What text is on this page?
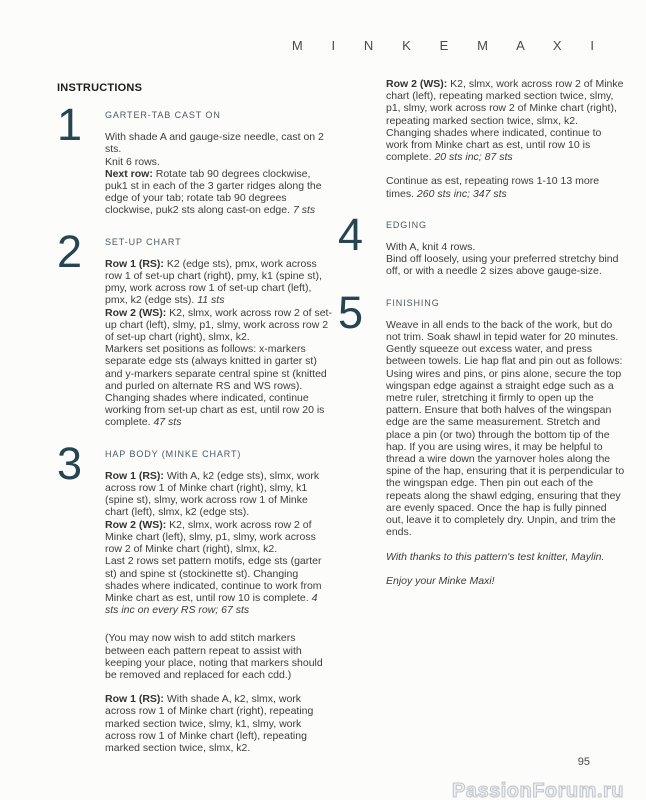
M I N K E M A X I
INSTRUCTIONS
1	GARTER-TAB CAST ON

With shade A and gauge-size needle, cast on 2 sts.
Knit 6 rows.
Next row: Rotate tab 90 degrees clockwise, puk1 st in each of the 3 garter ridges along the edge of your tab; rotate tab 90 degrees clockwise, puk2 sts along cast-on edge. 7 sts

2	SET-UP CHART

Row 1 (RS): K2 (edge sts), pmx, work across row 1 of set-up chart (right), pmy, k1 (spine st), pmy, work across row 1 of set-up chart (left), pmx, k2 (edge sts). 11 sts
Row 2 (WS): K2, slmx, work across row 2 of set-up chart (left), slmy, p1, slmy, work across row 2 of set-up chart (right), slmx, k2.
Markers set positions as follows: x-markers separate edge sts (always knitted in garter st) and y-markers separate central spine st (knitted and purled on alternate RS and WS rows).
Changing shades where indicated, continue working from set-up chart as est, until row 20 is complete. 47 sts

3	HAP BODY (MINKE CHART)

Row 1 (RS): With A, k2 (edge sts), slmx, work across row 1 of Minke chart (right), slmy, k1 (spine st), slmy, work across row 1 of Minke chart (left), slmx, k2 (edge sts).
Row 2 (WS): K2, slmx, work across row 2 of Minke chart (left), slmy, p1, slmy, work across row 2 of Minke chart (right), slmx, k2.
Last 2 rows set pattern motifs, edge sts (garter st) and spine st (stockinette st). Changing shades where indicated, continue to work from Minke chart as est, until row 10 is complete. 4 sts inc on every RS row; 67 sts

(You may now wish to add stitch markers between each pattern repeat to assist with keeping your place, noting that markers should be removed and replaced for each cdd.)

Row 1 (RS): With shade A, k2, slmx, work across row 1 of Minke chart (right), repeating marked section twice, slmy, k1, slmy, work across row 1 of Minke chart (left), repeating marked section twice, slmx, k2.

Row 2 (WS): K2, slmx, work across row 2 of Minke chart (left), repeating marked section twice, slmy, p1, slmy, work across row 2 of Minke chart (right), repeating marked section twice, slmx, k2.
Changing shades where indicated, continue to work from Minke chart as est, until row 10 is complete. 20 sts inc; 87 sts

Continue as est, repeating rows 1-10 13 more times. 260 sts inc; 347 sts

4	EDGING

With A, knit 4 rows.
Bind off loosely, using your preferred stretchy bind off, or with a needle 2 sizes above gauge-size.

5	FINISHING

Weave in all ends to the back of the work, but do not trim. Soak shawl in tepid water for 20 minutes. Gently squeeze out excess water, and press between towels. Lie hap flat and pin out as follows: Using wires and pins, or pins alone, secure the top wingspan edge against a straight edge such as a metre ruler, stretching it firmly to open up the pattern. Ensure that both halves of the wingspan edge are the same measurement. Stretch and place a pin (or two) through the bottom tip of the hap. If you are using wires, it may be helpful to thread a wire down the yarnover holes along the spine of the hap, ensuring that it is perpendicular to the wingspan edge. Then pin out each of the repeats along the shawl edging, ensuring that they are evenly spaced. Once the hap is fully pinned out, leave it to completely dry. Unpin, and trim the ends.

With thanks to this pattern's test knitter, Maylin.

Enjoy your Minke Maxi!

95
PassionForum.ru
